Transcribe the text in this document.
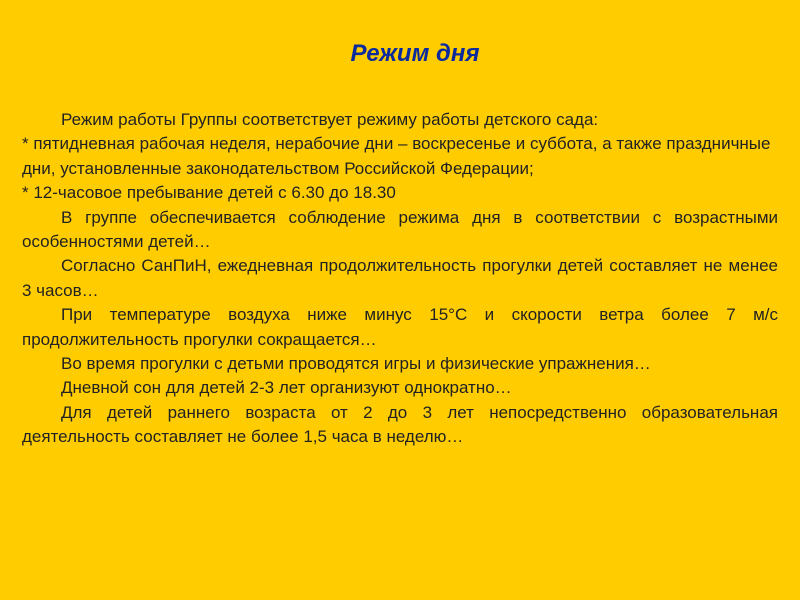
Режим дня

Режим работы Группы соответствует режиму работы детского сада:

* пятидневная рабочая неделя, нерабочие дни – воскресенье и суббота, а также праздничные дни, установленные законодательством Российской Федерации;

* 12-часовое пребывание детей с 6.30 до 18.30

В группе обеспечивается соблюдение режима дня в соответствии с возрастными особенностями детей…

Согласно СанПиН, ежедневная продолжительность прогулки детей составляет не менее 3 часов…

При температуре воздуха ниже минус 15°С и скорости ветра более 7 м/с продолжительность прогулки сокращается…

Во время прогулки с детьми проводятся игры и физические упражнения…

Дневной сон для детей 2-3 лет организуют однократно…

Для детей раннего возраста от 2 до 3 лет непосредственно образовательная деятельность составляет не более 1,5 часа в неделю…
